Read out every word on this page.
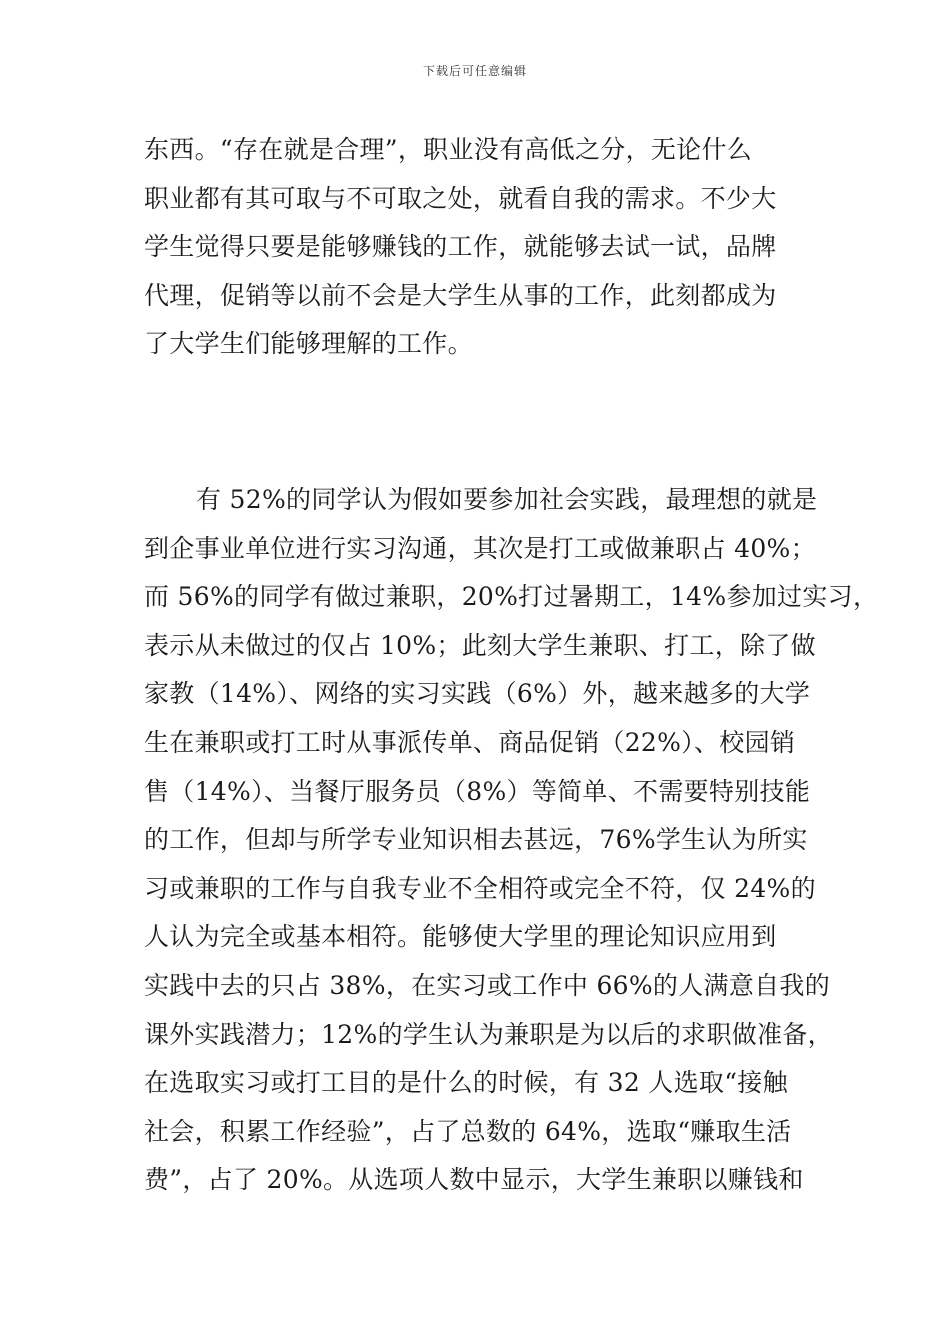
下载后可任意编辑
东西。“存在就是合理”，职业没有高低之分，无论什么
职业都有其可取与不可取之处，就看自我的需求。不少大
学生觉得只要是能够赚钱的工作，就能够去试一试，品牌
代理，促销等以前不会是大学生从事的工作，此刻都成为
了大学生们能够理解的工作。
有 52%的同学认为假如要参加社会实践，最理想的就是
到企事业单位进行实习沟通，其次是打工或做兼职占 40%；
而 56%的同学有做过兼职，20%打过暑期工，14%参加过实习，
表示从未做过的仅占 10%；此刻大学生兼职、打工，除了做
家教（14%）、网络的实习实践（6%）外，越来越多的大学
生在兼职或打工时从事派传单、商品促销（22%）、校园销
售（14%）、当餐厅服务员（8%）等简单、不需要特别技能
的工作，但却与所学专业知识相去甚远，76%学生认为所实
习或兼职的工作与自我专业不全相符或完全不符，仅 24%的
人认为完全或基本相符。能够使大学里的理论知识应用到
实践中去的只占 38%，在实习或工作中 66%的人满意自我的
课外实践潜力；12%的学生认为兼职是为以后的求职做准备，
在选取实习或打工目的是什么的时候，有 32 人选取“接触
社会，积累工作经验”，占了总数的 64%，选取“赚取生活
费”，占了 20%。从选项人数中显示，大学生兼职以赚钱和
